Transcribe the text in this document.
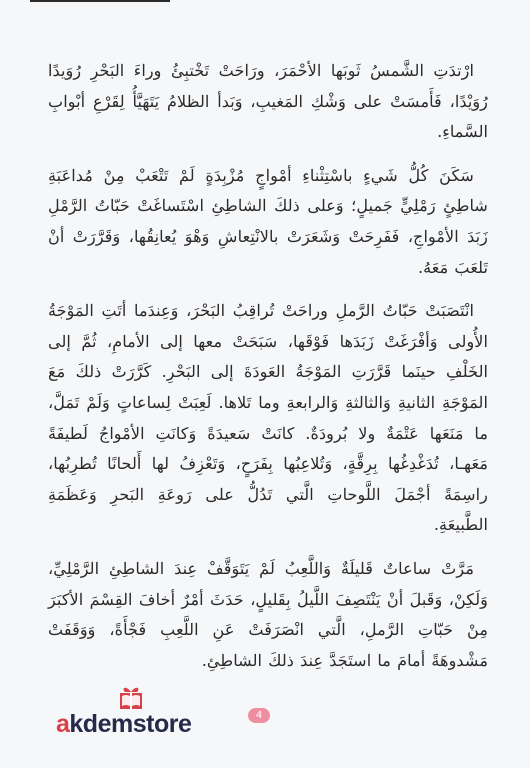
ارْتدَتِ الشَّمسُ ثَوبَها الأحْمَرَ، ورَاحَتْ تَخْتبِئُ وراءَ البَحْرِ رُوَيدًا رُوَيْدًا، فَأَمسَتْ على وَشْكِ المَغيبِ، وَبَدأ الظلامُ يَتَهَيَّأُ لِقَرْعِ أبْوابِ السَّماءِ.

سَكَنَ كُلُّ شَيءٍ باسْتِثْناءِ أمْواجٍ مُزْبِدَةٍ لَمْ تَتْعَبْ مِنْ مُداعَبَةِ شاطِئٍ رَمْلِيٍّ جَميلٍ؛ وَعلى ذلكَ الشاطِئِ اسْتَساغَتْ حَبّاتُ الرَّمْلِ زَبَدَ الأمْواجِ، فَفَرِحَتْ وَشَعَرَتْ بالانْتِعاشِ وَهْوَ يُعانِقُها، وَقَرَّرَتْ أنْ تَلعَبَ مَعَهُ.

انْتَصَبَتْ حَبّاتُ الرَّملِ وراحَتْ تُراقِبُ البَحْرَ، وَعِندَما أتَتِ المَوْجَةُ الأُولى وَأفْرَغَتْ زَبَدَها فَوْقَها، سَبَحَتْ معها إلى الأمامِ، ثُمَّ إلى الخَلْفِ حينَما قَرَّرَتِ المَوْجَةُ العَودَةَ إلى البَحْرِ. كَرَّرَتْ ذلكَ مَعَ المَوْجَةِ الثانيةِ وَالثالثةِ وَالرابعةِ وما تَلاها. لَعِبَتْ لِساعاتٍ وَلَمْ تَمَلَّ، ما مَنَعَها عَتْمَةٌ ولا بُرودَةٌ. كانَتْ سَعيدَةً وَكانَتِ الأمْواجُ لَطيفَةً مَعَهـا، تُدَغْدِغُها بِرِقَّةٍ، وَتُلاعِبُها بِفَرَحٍ، وَتَعْزِفُ لها أَلحانًا تُطرِبُها، راسِمَةً أجْمَلَ اللَّوحاتِ الَّتي تَدُلُّ على رَوعَةِ البَحرِ وَعَظَمَةِ الطَّبيعَةِ.

مَرَّتْ ساعاتٌ قَليلَةٌ وَاللَّعِبُ لَمْ يَتَوَقَّفْ عِندَ الشاطِئِ الرَّمْلِيِّ، وَلَكِنْ، وَقَبلَ أنْ يَنْتَصِفَ اللَّيلُ بِقَليلٍ، حَدَثَ أمْرٌ أخافَ القِسْمَ الأكبَرَ مِنْ حَبّاتِ الرَّملِ، الَّتي انْصَرَفَتْ عَنِ اللَّعِبِ فَجْأَةً، وَوَقَفَتْ مَشْدوهَةً أمامَ ما استَجَدَّ عِندَ ذلكَ الشاطِئِ.

akdemstore	4
